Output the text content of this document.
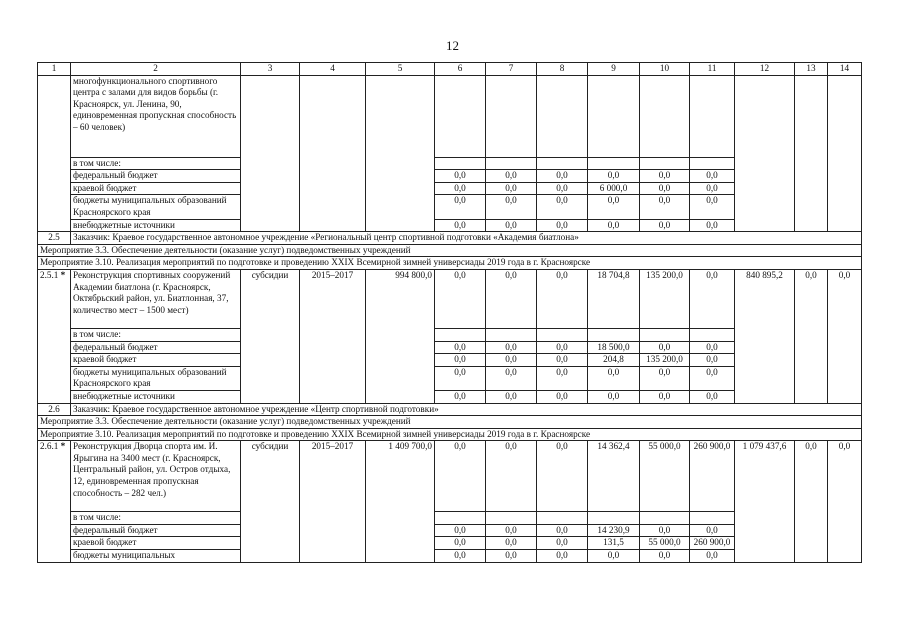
12
1	2	3	4	5	6	7	8	9	10	11	12	13	14
	многофункционального спортивного центра с залами для видов борьбы (г. Красноярск, ул. Ленина, 90, единовременная пропускная способность – 60 человек)												
	в том числе:												
	федеральный бюджет				0,0	0,0	0,0	0,0	0,0	0,0			
	краевой бюджет				0,0	0,0	0,0	6 000,0	0,0	0,0			
	бюджеты муниципальных образований Красноярского края				0,0	0,0	0,0	0,0	0,0	0,0			
	внебюджетные источники				0,0	0,0	0,0	0,0	0,0	0,0			
2.5	Заказчик: Краевое государственное автономное учреждение «Региональный центр спортивной подготовки «Академия биатлона»												
Мероприятие 3.3. Обеспечение деятельности (оказание услуг) подведомственных учреждений													
Мероприятие 3.10. Реализация мероприятий по подготовке и проведению XXIX Всемирной зимней универсиады 2019 года в г. Красноярске													
2.5.1 *	Реконструкция спортивных сооружений Академии биатлона (г. Красноярск, Октябрьский район, ул. Биатлонная, 37, количество мест – 1500 мест)	субсидии	2015–2017	994 800,0	0,0	0,0	0,0	18 704,8	135 200,0	0,0	840 895,2	0,0	0,0
	в том числе:												
	федеральный бюджет				0,0	0,0	0,0	18 500,0	0,0	0,0			
	краевой бюджет				0,0	0,0	0,0	204,8	135 200,0	0,0			
	бюджеты муниципальных образований Красноярского края				0,0	0,0	0,0	0,0	0,0	0,0			
	внебюджетные источники				0,0	0,0	0,0	0,0	0,0	0,0			
2.6	Заказчик: Краевое государственное автономное учреждение «Центр спортивной подготовки»												
Мероприятие 3.3. Обеспечение деятельности (оказание услуг) подведомственных учреждений													
Мероприятие 3.10. Реализация мероприятий по подготовке и проведению XXIX Всемирной зимней универсиады 2019 года в г. Красноярске													
2.6.1 *	Реконструкция Дворца спорта им. И. Ярыгина на 3400 мест (г. Красноярск, Центральный район, ул. Остров отдыха, 12, единовременная пропускная способность – 282 чел.)	субсидии	2015–2017	1 409 700,0	0,0	0,0	0,0	14 362,4	55 000,0	260 900,0	1 079 437,6	0,0	0,0
	в том числе:												
	федеральный бюджет				0,0	0,0	0,0	14 230,9	0,0	0,0			
	краевой бюджет				0,0	0,0	0,0	131,5	55 000,0	260 900,0			
	бюджеты муниципальных				0,0	0,0	0,0	0,0	0,0	0,0			
